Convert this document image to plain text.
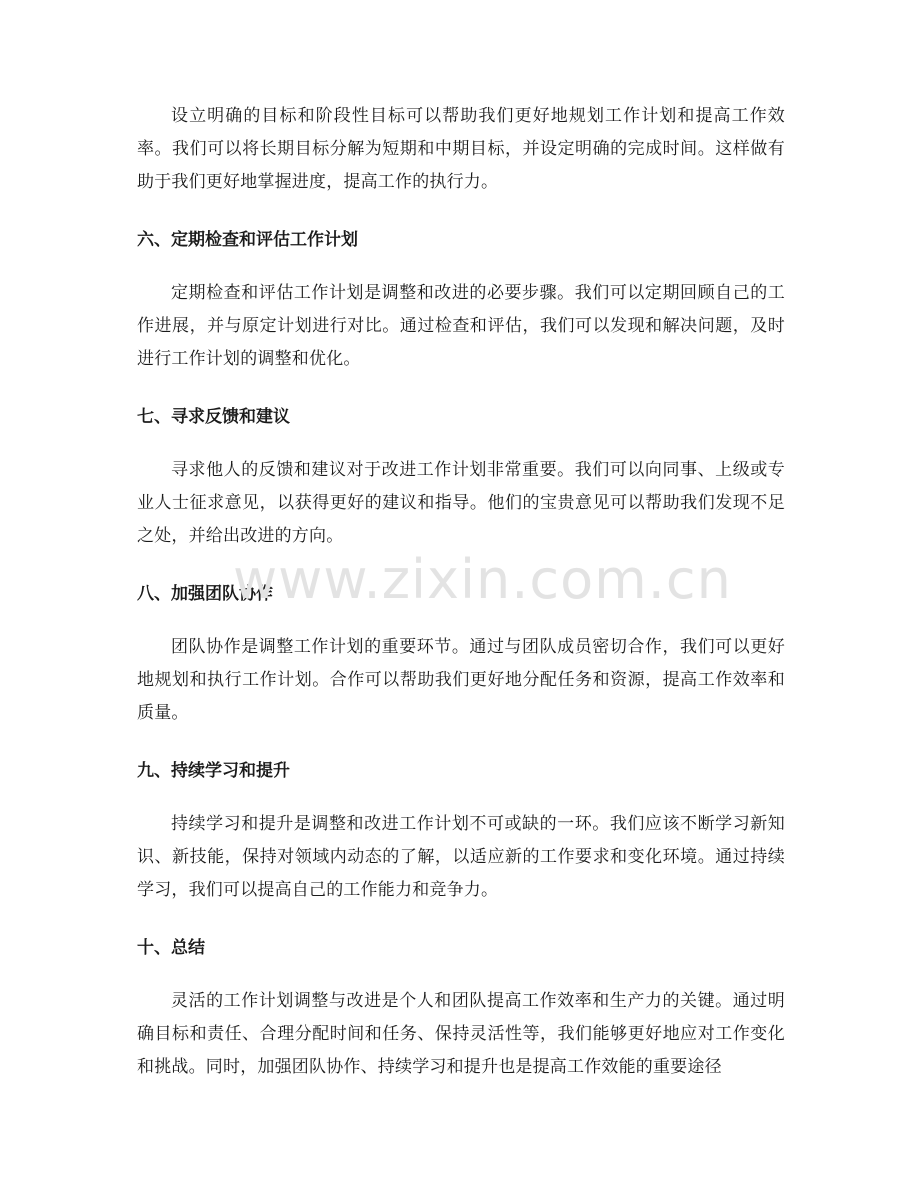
设立明确的目标和阶段性目标可以帮助我们更好地规划工作计划和提高工作效率。我们可以将长期目标分解为短期和中期目标，并设定明确的完成时间。这样做有助于我们更好地掌握进度，提高工作的执行力。

六、定期检查和评估工作计划

定期检查和评估工作计划是调整和改进的必要步骤。我们可以定期回顾自己的工作进展，并与原定计划进行对比。通过检查和评估，我们可以发现和解决问题，及时进行工作计划的调整和优化。

七、寻求反馈和建议

寻求他人的反馈和建议对于改进工作计划非常重要。我们可以向同事、上级或专业人士征求意见，以获得更好的建议和指导。他们的宝贵意见可以帮助我们发现不足之处，并给出改进的方向。

八、加强团队协作

团队协作是调整工作计划的重要环节。通过与团队成员密切合作，我们可以更好地规划和执行工作计划。合作可以帮助我们更好地分配任务和资源，提高工作效率和质量。

九、持续学习和提升

持续学习和提升是调整和改进工作计划不可或缺的一环。我们应该不断学习新知识、新技能，保持对领域内动态的了解，以适应新的工作要求和变化环境。通过持续学习，我们可以提高自己的工作能力和竞争力。

十、总结

灵活的工作计划调整与改进是个人和团队提高工作效率和生产力的关键。通过明确目标和责任、合理分配时间和任务、保持灵活性等，我们能够更好地应对工作变化和挑战。同时，加强团队协作、持续学习和提升也是提高工作效能的重要途径

www.zixin.com.cn
